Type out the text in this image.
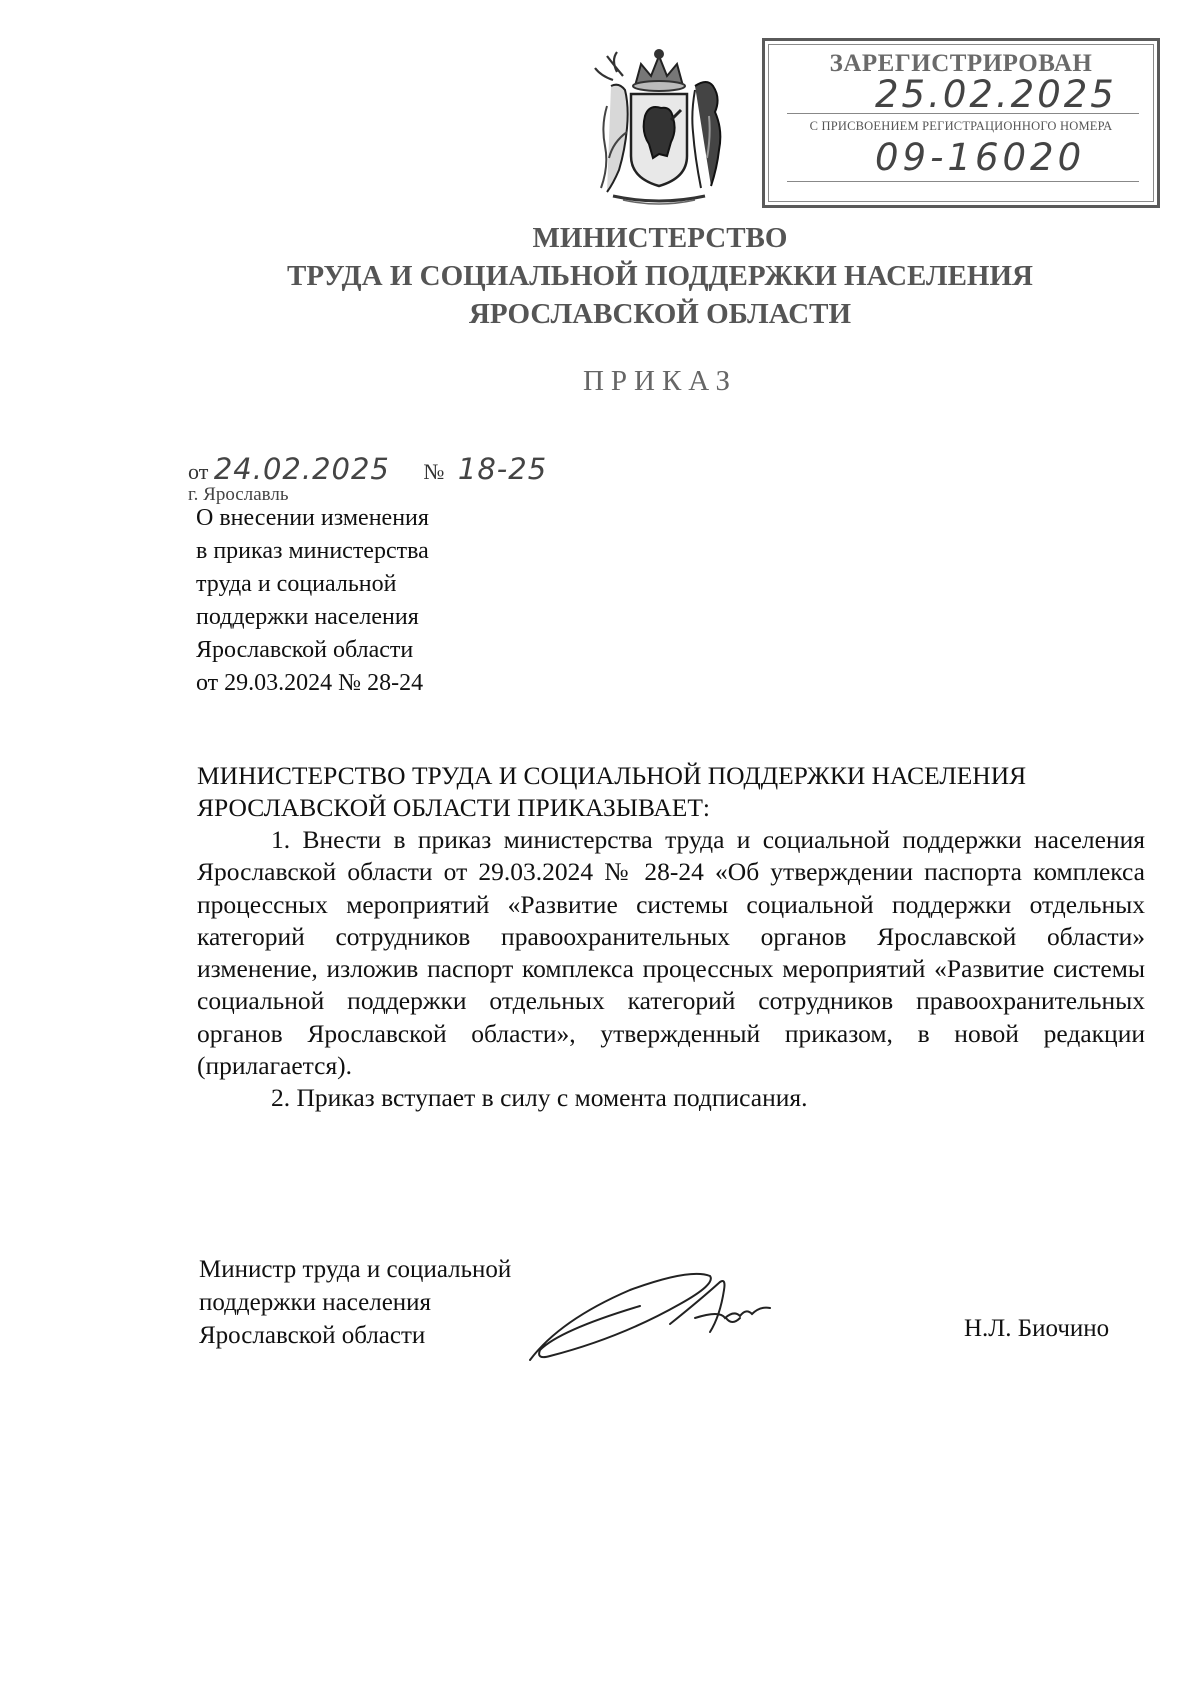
ЗАРЕГИСТРИРОВАН
25.02.2025
С ПРИСВОЕНИЕМ РЕГИСТРАЦИОННОГО НОМЕРА
09-16020
МИНИСТЕРСТВО
ТРУДА И СОЦИАЛЬНОЙ ПОДДЕРЖКИ НАСЕЛЕНИЯ
ЯРОСЛАВСКОЙ ОБЛАСТИ
ПРИКАЗ
от 24.02.2025 № 18-25
г. Ярославль
О внесении изменения
в приказ министерства
труда и социальной
поддержки населения
Ярославской области
от 29.03.2024 № 28-24
МИНИСТЕРСТВО ТРУДА И СОЦИАЛЬНОЙ ПОДДЕРЖКИ НАСЕЛЕНИЯ ЯРОСЛАВСКОЙ ОБЛАСТИ ПРИКАЗЫВАЕТ:

1. Внести в приказ министерства труда и социальной поддержки населения Ярославской области от 29.03.2024 № 28-24 «Об утверждении паспорта комплекса процессных мероприятий «Развитие системы социальной поддержки отдельных категорий сотрудников правоохранительных органов Ярославской области» изменение, изложив паспорт комплекса процессных мероприятий «Развитие системы социальной поддержки отдельных категорий сотрудников правоохранительных органов Ярославской области», утвержденный приказом, в новой редакции (прилагается).

2. Приказ вступает в силу с момента подписания.

Министр труда и социальной
поддержки населения
Ярославской области	Н.Л. Биочино
